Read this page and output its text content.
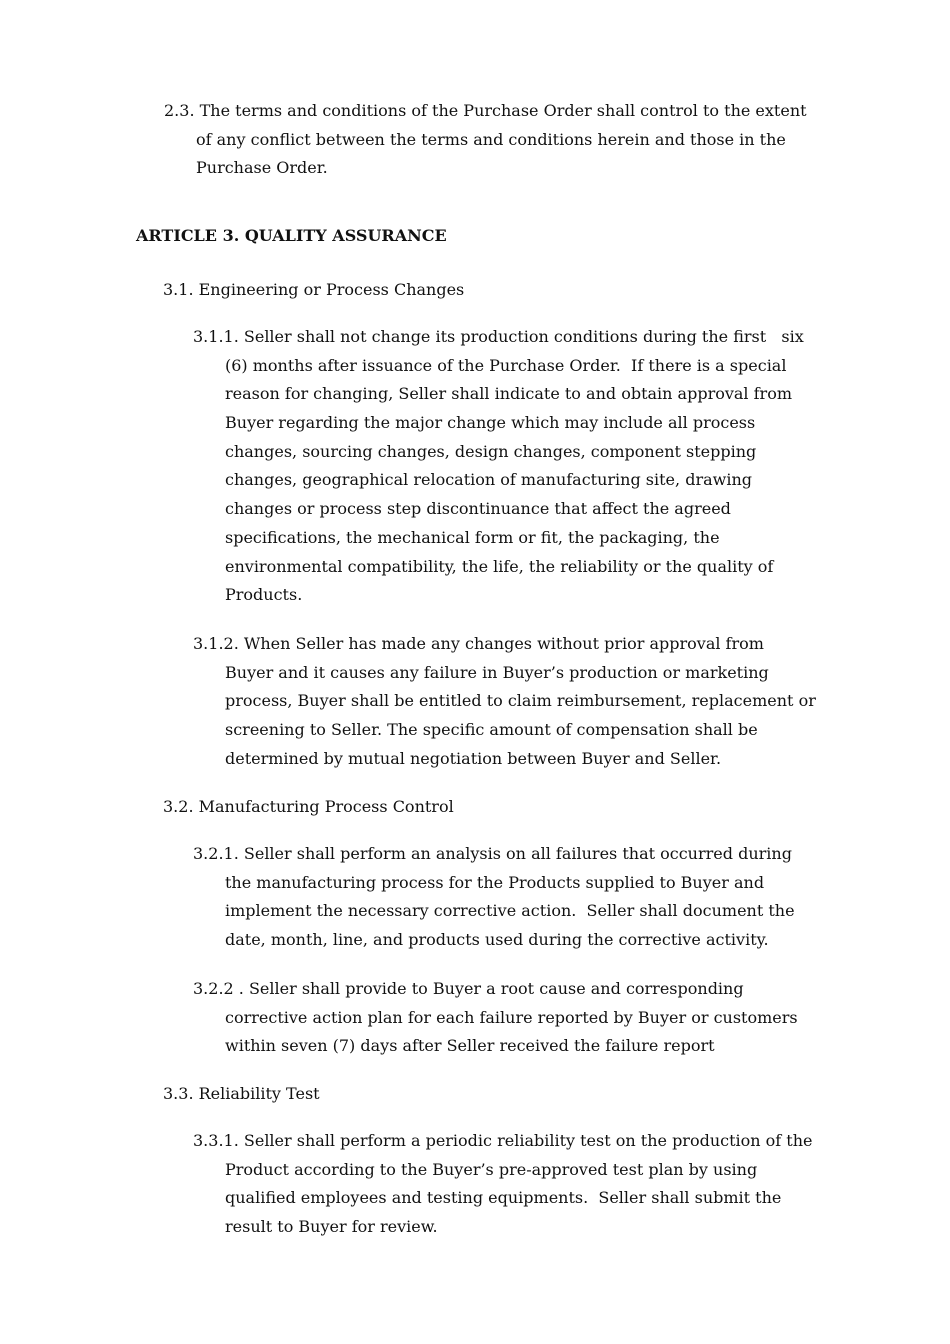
2.3. The terms and conditions of the Purchase Order shall control to the extent
of any conflict between the terms and conditions herein and those in the
Purchase Order.
ARTICLE 3. QUALITY ASSURANCE
3.1. Engineering or Process Changes
3.1.1. Seller shall not change its production conditions during the first   six
(6) months after issuance of the Purchase Order.  If there is a special
reason for changing, Seller shall indicate to and obtain approval from
Buyer regarding the major change which may include all process
changes, sourcing changes, design changes, component stepping
changes, geographical relocation of manufacturing site, drawing
changes or process step discontinuance that affect the agreed
specifications, the mechanical form or fit, the packaging, the
environmental compatibility, the life, the reliability or the quality of
Products.
3.1.2. When Seller has made any changes without prior approval from
Buyer and it causes any failure in Buyer’s production or marketing
process, Buyer shall be entitled to claim reimbursement, replacement or
screening to Seller. The specific amount of compensation shall be
determined by mutual negotiation between Buyer and Seller.
3.2. Manufacturing Process Control
3.2.1. Seller shall perform an analysis on all failures that occurred during
the manufacturing process for the Products supplied to Buyer and
implement the necessary corrective action.  Seller shall document the
date, month, line, and products used during the corrective activity.
3.2.2 . Seller shall provide to Buyer a root cause and corresponding
corrective action plan for each failure reported by Buyer or customers
within seven (7) days after Seller received the failure report
3.3. Reliability Test
3.3.1. Seller shall perform a periodic reliability test on the production of the
Product according to the Buyer’s pre-approved test plan by using
qualified employees and testing equipments.  Seller shall submit the
result to Buyer for review.
